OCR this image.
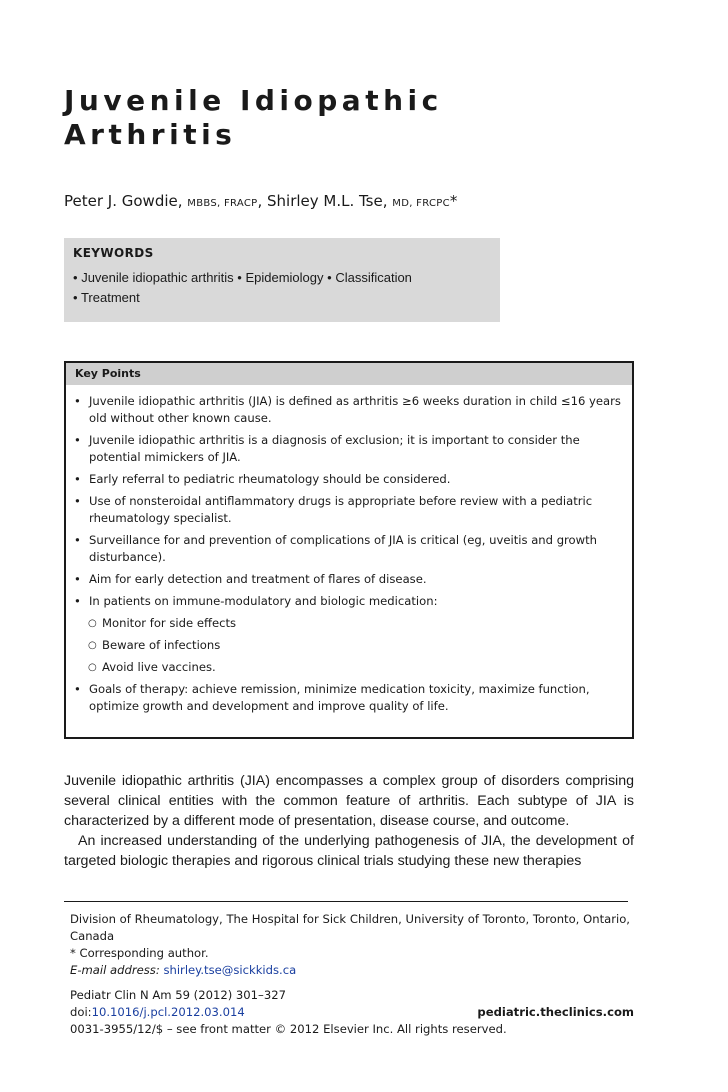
Juvenile Idiopathic
Arthritis
Peter J. Gowdie, MBBS, FRACP, Shirley M.L. Tse, MD, FRCPC*
KEYWORDS
• Juvenile idiopathic arthritis • Epidemiology • Classification
• Treatment
Key Points
• Juvenile idiopathic arthritis (JIA) is defined as arthritis ≥6 weeks duration in child ≤16 years old without other known cause.
• Juvenile idiopathic arthritis is a diagnosis of exclusion; it is important to consider the potential mimickers of JIA.
• Early referral to pediatric rheumatology should be considered.
• Use of nonsteroidal antiflammatory drugs is appropriate before review with a pediatric rheumatology specialist.
• Surveillance for and prevention of complications of JIA is critical (eg, uveitis and growth disturbance).
• Aim for early detection and treatment of flares of disease.
• In patients on immune-modulatory and biologic medication:
○ Monitor for side effects
○ Beware of infections
○ Avoid live vaccines.
• Goals of therapy: achieve remission, minimize medication toxicity, maximize function, optimize growth and development and improve quality of life.

Juvenile idiopathic arthritis (JIA) encompasses a complex group of disorders comprising several clinical entities with the common feature of arthritis. Each subtype of JIA is characterized by a different mode of presentation, disease course, and outcome.

An increased understanding of the underlying pathogenesis of JIA, the development of targeted biologic therapies and rigorous clinical trials studying these new therapies

Division of Rheumatology, The Hospital for Sick Children, University of Toronto, Toronto, Ontario, Canada
* Corresponding author.
E-mail address: shirley.tse@sickkids.ca
Pediatr Clin N Am 59 (2012) 301–327
doi:10.1016/j.pcl.2012.03.014	pediatric.theclinics.com
0031-3955/12/$ – see front matter © 2012 Elsevier Inc. All rights reserved.
